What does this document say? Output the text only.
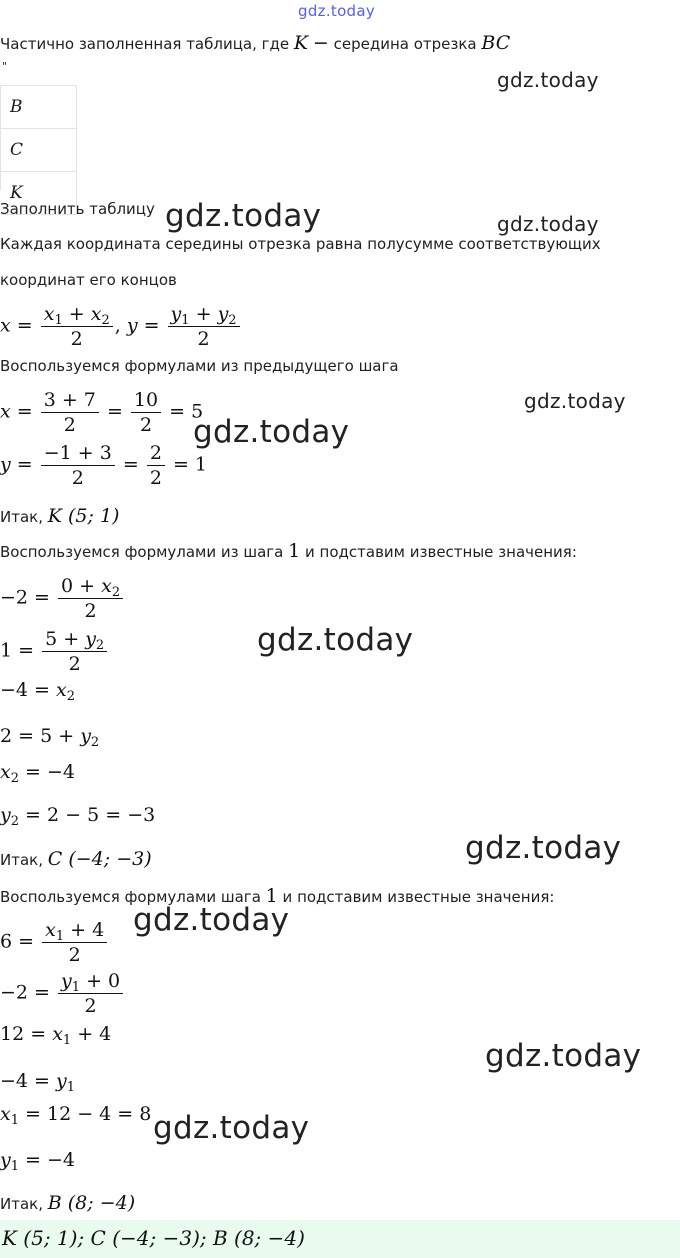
gdz.today
gdz.today
gdz.today	gdz.today
gdz.today
gdz.today
gdz.today
gdz.today
gdz.today
gdz.today
gdz.today
Частично заполненная таблица, где K − середина отрезка BC
"
B
C
K
Заполнить таблицу
Каждая координата середины отрезка равна полусумме соответствующих
координат его концов
$x = \frac{x_1 + x_2}{2}$ , $y = \frac{y_1 + y_2}{2}$
Воспользуемся формулами из предыдущего шага
$x = \frac{3 + 7}{2} = \frac{10}{2} = 5$
$y = \frac{-1 + 3}{2} = \frac{2}{2} = 1$
Итак, K (5; 1)
Воспользуемся формулами из шага 1 и подставим известные значения:
$-2 = \frac{0 + x_2}{2}$
$1 = \frac{5 + y_2}{2}$
$-4 = x_2$
$2 = 5 + y_2$
$x_2 = -4$
$y_2 = 2 - 5 = -3$
Итак, C (−4; −3)
Воспользуемся формулами шага 1 и подставим известные значения:
$6 = \frac{x_1 + 4}{2}$
$-2 = \frac{y_1 + 0}{2}$
$12 = x_1 + 4$
$-4 = y_1$
$x_1 = 12 - 4 = 8$
$y_1 = -4$
Итак, B (8; −4)
K (5; 1); C (−4; −3); B (8; −4)
